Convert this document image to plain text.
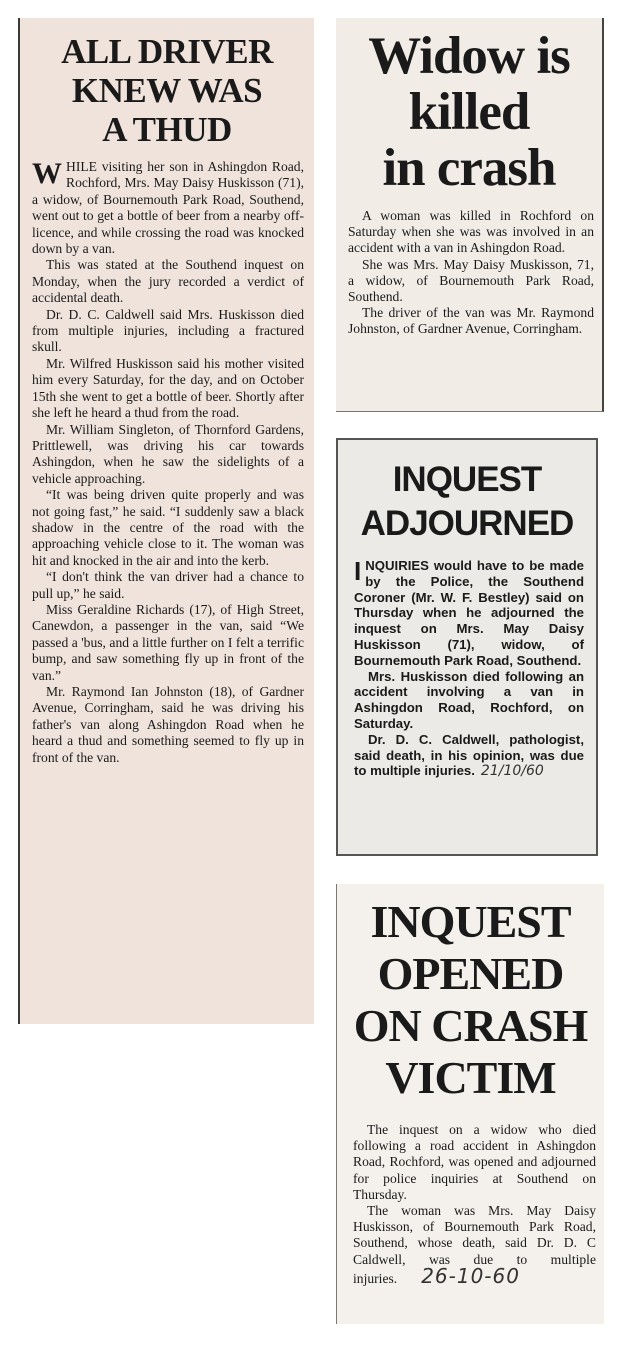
ALL DRIVER
KNEW WAS
A THUD

WHILE visiting her son in Ashingdon Road, Rochford, Mrs. May Daisy Huskisson (71), a widow, of Bournemouth Park Road, Southend, went out to get a bottle of beer from a nearby off-licence, and while crossing the road was knocked down by a van.

This was stated at the Southend inquest on Monday, when the jury recorded a verdict of accidental death.

Dr. D. C. Caldwell said Mrs. Huskisson died from multiple injuries, including a fractured skull.

Mr. Wilfred Huskisson said his mother visited him every Saturday, for the day, and on October 15th she went to get a bottle of beer. Shortly after she left he heard a thud from the road.

Mr. William Singleton, of Thornford Gardens, Prittlewell, was driving his car towards Ashingdon, when he saw the sidelights of a vehicle approaching.

“It was being driven quite properly and was not going fast,” he said. “I suddenly saw a black shadow in the centre of the road with the approaching vehicle close to it. The woman was hit and knocked in the air and into the kerb.

“I don't think the van driver had a chance to pull up,” he said.

Miss Geraldine Richards (17), of High Street, Canewdon, a passenger in the van, said “We passed a 'bus, and a little further on I felt a terrific bump, and saw something fly up in front of the van.”

Mr. Raymond Ian Johnston (18), of Gardner Avenue, Corringham, said he was driving his father's van along Ashingdon Road when he heard a thud and something seemed to fly up in front of the van.

Widow is
killed
in crash

A woman was killed in Rochford on Saturday when she was was involved in an accident with a van in Ashingdon Road.

She was Mrs. May Daisy Muskisson, 71, a widow, of Bournemouth Park Road, Southend.

The driver of the van was Mr. Raymond Johnston, of Gardner Avenue, Corringham.

INQUEST
ADJOURNED

INQUIRIES would have to be made by the Police, the Southend Coroner (Mr. W. F. Bestley) said on Thursday when he adjourned the inquest on Mrs. May Daisy Huskisson (71), widow, of Bournemouth Park Road, Southend.

Mrs. Huskisson died following an accident involving a van in Ashingdon Road, Rochford, on Saturday.

Dr. D. C. Caldwell, pathologist, said death, in his opinion, was due to multiple injuries. 21/10/60

INQUEST
OPENED
ON CRASH
VICTIM

The inquest on a widow who died following a road accident in Ashingdon Road, Rochford, was opened and adjourned for police inquiries at Southend on Thursday.

The woman was Mrs. May Daisy Huskisson, of Bournemouth Park Road, Southend, whose death, said Dr. D. C Caldwell, was due to multiple injuries. 26-10-60
